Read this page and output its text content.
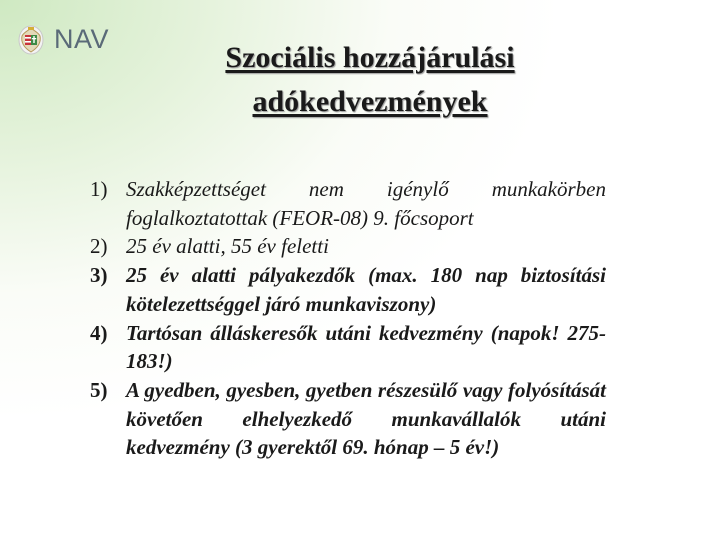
NAV
Szociális hozzájárulási
adókedvezmények
1) Szakképzettséget nem igénylő munkakörben foglalkoztatottak (FEOR-08) 9. főcsoport
2) 25 év alatti, 55 év feletti
3) 25 év alatti pályakezdők (max. 180 nap biztosítási kötelezettséggel járó munkaviszony)
4) Tartósan álláskeresők utáni kedvezmény (napok! 275-183!)
5) A gyedben, gyesben, gyetben részesülő vagy folyósítását követően elhelyezkedő munkavállalók utáni kedvezmény (3 gyerektől 69. hónap – 5 év!)
